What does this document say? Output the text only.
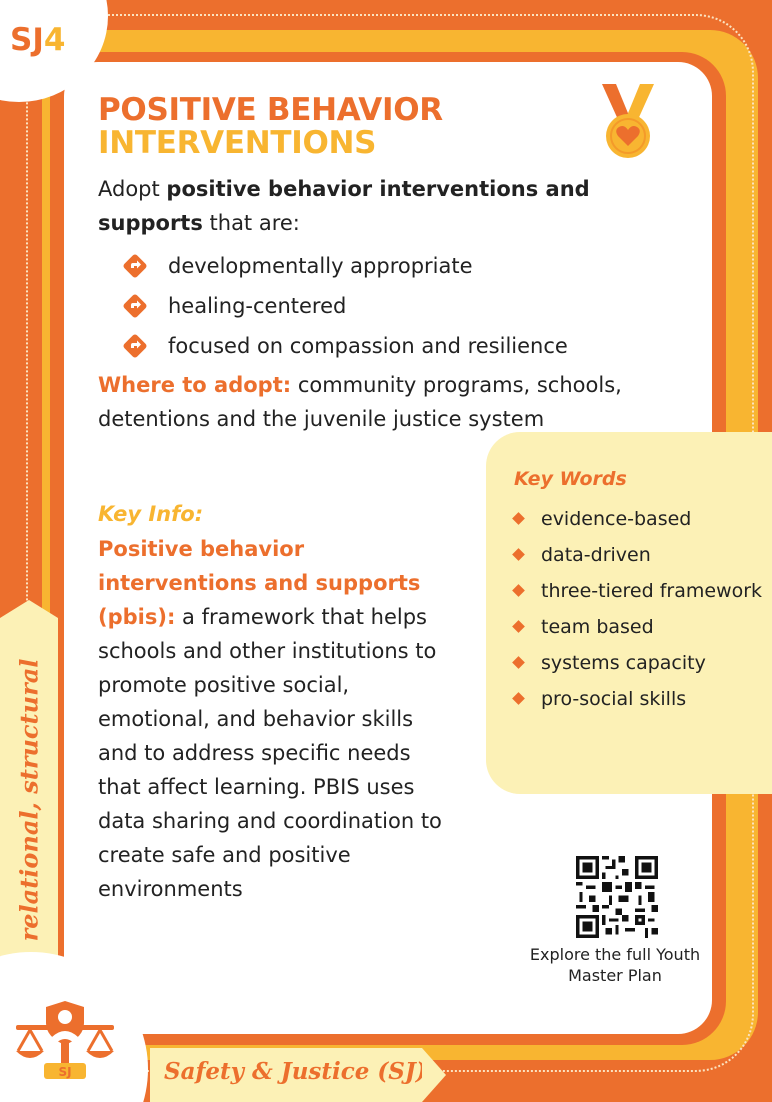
SJ4
relational, structural
Safety & Justice (SJ)
SJ
POSITIVE BEHAVIOR
INTERVENTIONS
Adopt positive behavior interventions and supports that are:
developmentally appropriate
healing-centered
focused on compassion and resilience
Where to adopt: community programs, schools, detentions and the juvenile justice system
Key Words
evidence-based
data-driven
three-tiered framework
team based
systems capacity
pro-social skills
Key Info:
Positive behavior interventions and supports (pbis): a framework that helps schools and other institutions to promote positive social, emotional, and behavior skills and to address specific needs that affect learning. PBIS uses data sharing and coordination to create safe and positive environments
Explore the full Youth Master Plan
